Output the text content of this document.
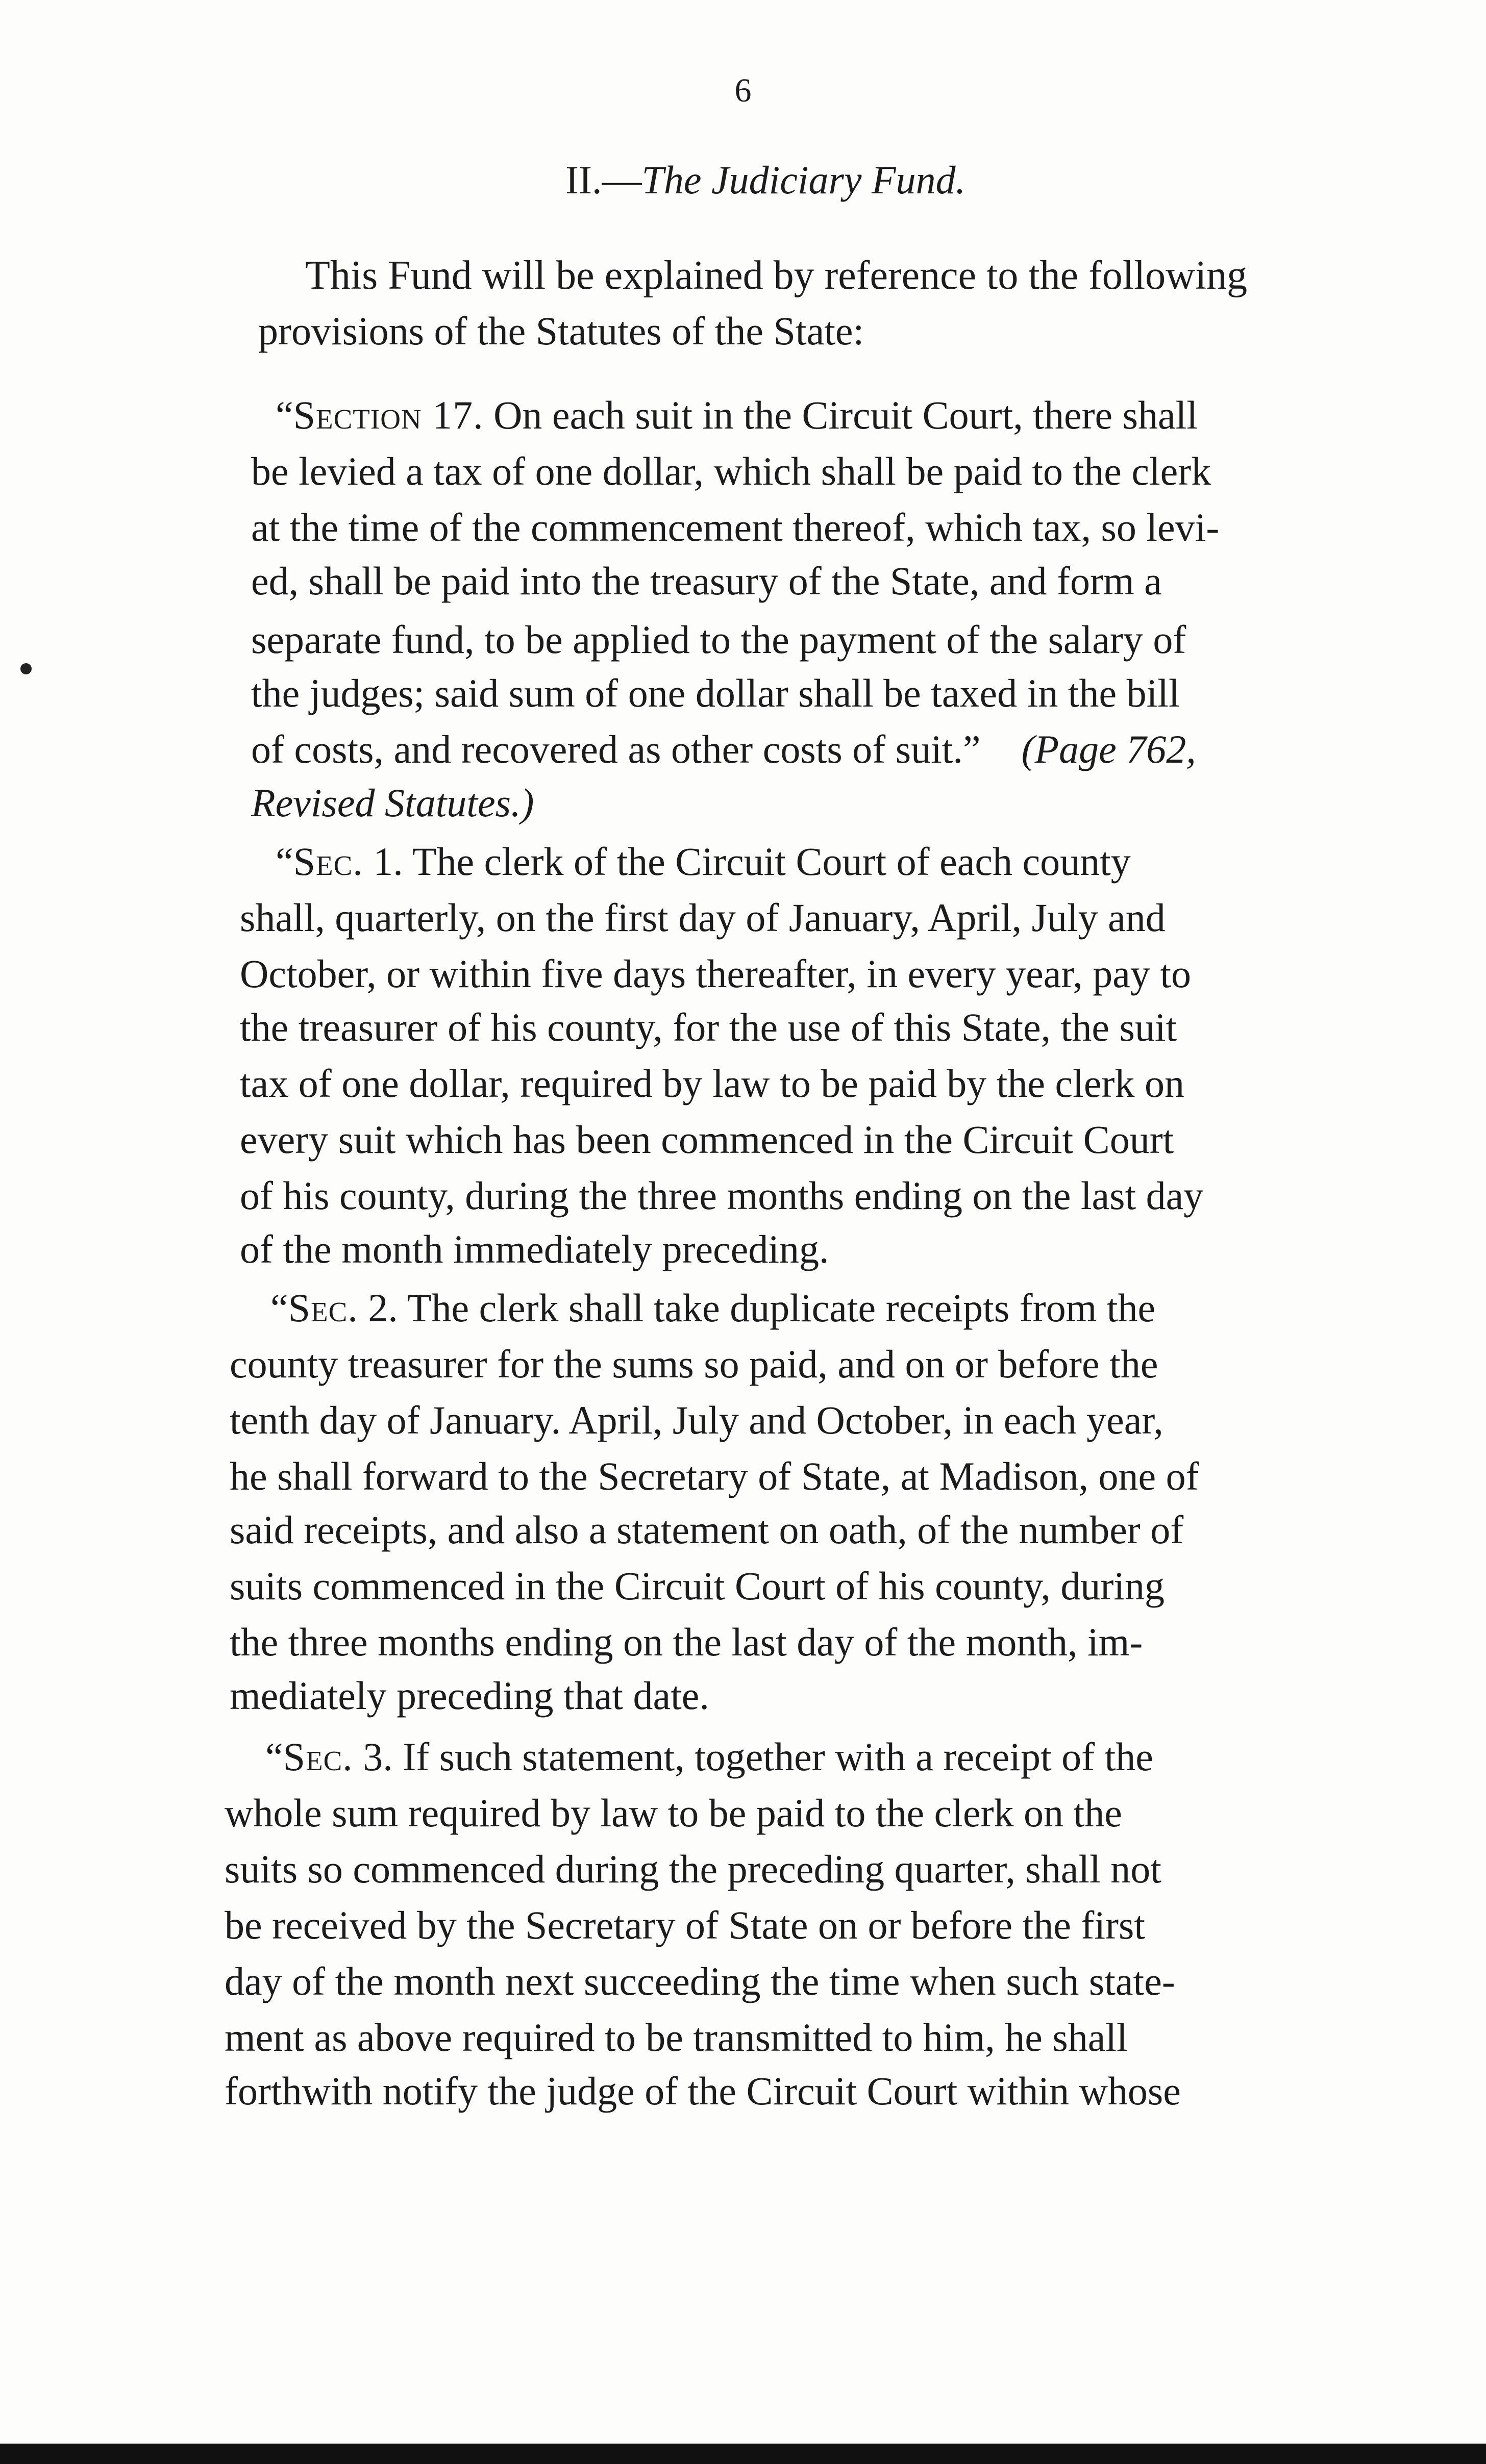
6
II.—The Judiciary Fund.
This Fund will be explained by reference to the following
provisions of the Statutes of the State:
“Section 17. On each suit in the Circuit Court, there shall
be levied a tax of one dollar, which shall be paid to the clerk
at the time of the commencement thereof, which tax, so levi-
ed, shall be paid into the treasury of the State, and form a
separate fund, to be applied to the payment of the salary of
the judges; said sum of one dollar shall be taxed in the bill
of costs, and recovered as other costs of suit.” (Page 762,
Revised Statutes.)
“Sec. 1. The clerk of the Circuit Court of each county
shall, quarterly, on the first day of January, April, July and
October, or within five days thereafter, in every year, pay to
the treasurer of his county, for the use of this State, the suit
tax of one dollar, required by law to be paid by the clerk on
every suit which has been commenced in the Circuit Court
of his county, during the three months ending on the last day
of the month immediately preceding.
“Sec. 2. The clerk shall take duplicate receipts from the
county treasurer for the sums so paid, and on or before the
tenth day of January. April, July and October, in each year,
he shall forward to the Secretary of State, at Madison, one of
said receipts, and also a statement on oath, of the number of
suits commenced in the Circuit Court of his county, during
the three months ending on the last day of the month, im-
mediately preceding that date.
“Sec. 3. If such statement, together with a receipt of the
whole sum required by law to be paid to the clerk on the
suits so commenced during the preceding quarter, shall not
be received by the Secretary of State on or before the first
day of the month next succeeding the time when such state-
ment as above required to be transmitted to him, he shall
forthwith notify the judge of the Circuit Court within whose
